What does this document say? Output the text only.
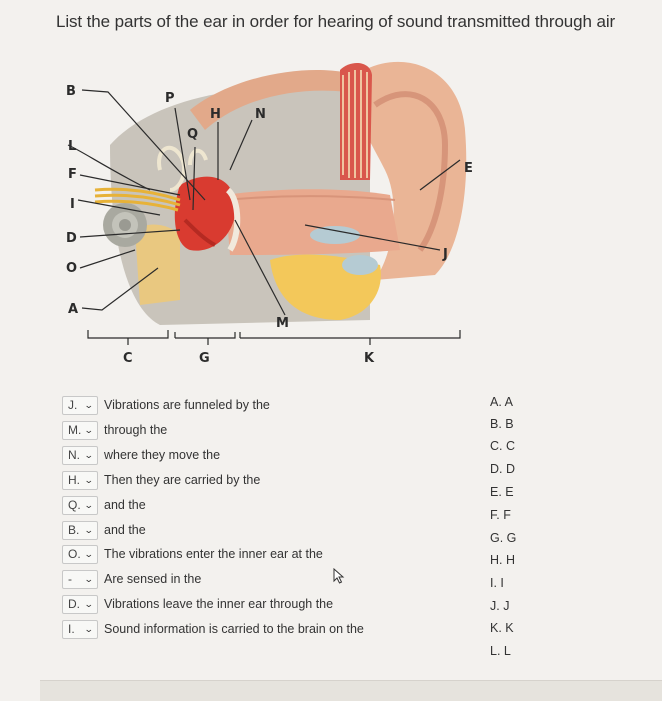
List the parts of the ear in order for hearing of sound transmitted through air
B	P
H	N
Q
L
F
I
D
O
A
M
C	G	K
E
J
J. ⌄ Vibrations are funneled by the
M. ⌄ through the
N. ⌄ where they move the
H. ⌄ Then they are carried by the
Q. ⌄ and the
B. ⌄ and the
O. ⌄ The vibrations enter the inner ear at the
- ⌄ Are sensed in the
D. ⌄ Vibrations leave the inner ear through the
I. ⌄ Sound information is carried to the brain on the
A. A
B. B
C. C
D. D
E. E
F. F
G. G
H. H
I. I
J. J
K. K
L. L
